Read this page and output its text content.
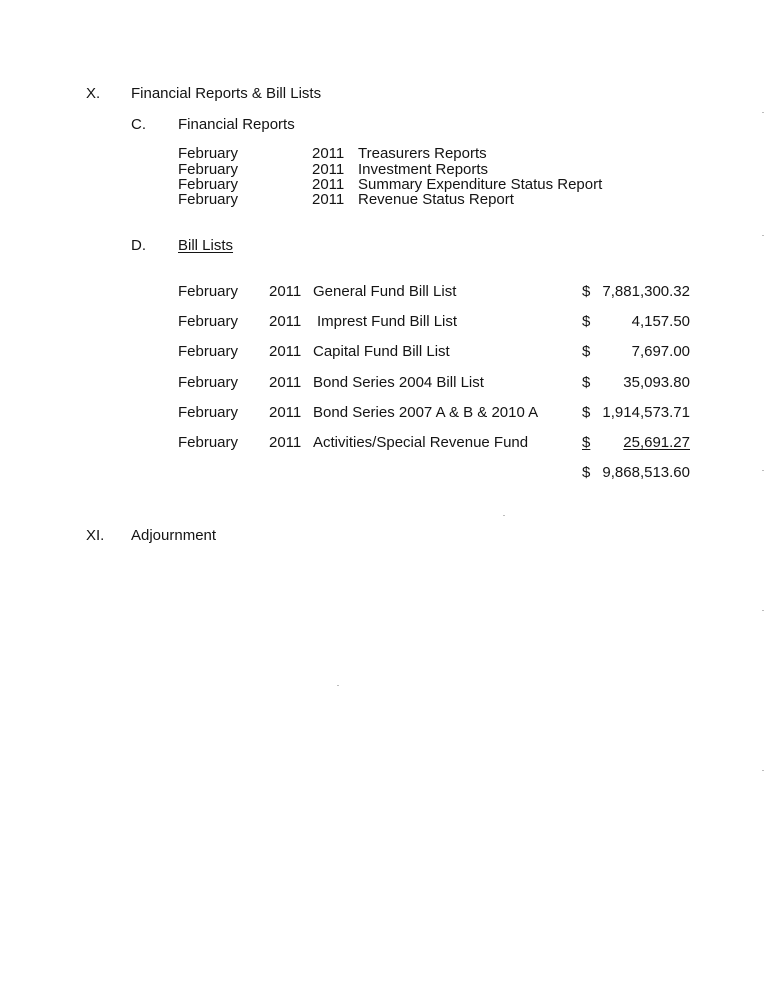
X. Financial Reports & Bill Lists
C. Financial Reports
February	2011 Treasurers Reports
February	2011 Investment Reports
February	2011 Summary Expenditure Status Report
February	2011 Revenue Status Report
D. Bill Lists
February 2011 General Fund Bill List	$ 7,881,300.32
February 2011 Imprest Fund Bill List	$	4,157.50
February 2011 Capital Fund Bill List	$	7,697.00
February 2011 Bond Series 2004 Bill List	$ 35,093.80
February 2011 Bond Series 2007 A & B & 2010 A	$ 1,914,573.71
February 2011 Activities/Special Revenue Fund	$	25,691.27
$ 9,868,513.60
XI. Adjournment
